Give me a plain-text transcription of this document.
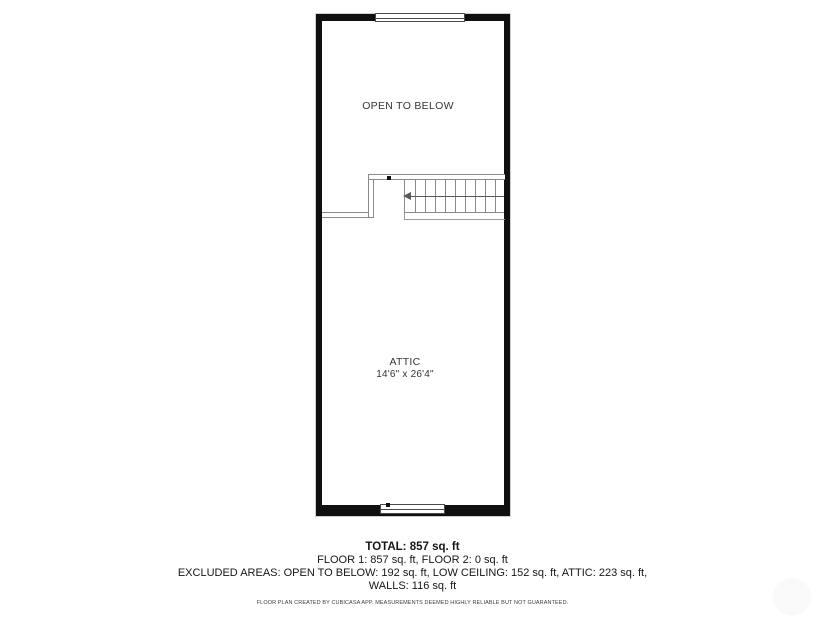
OPEN TO BELOW
ATTIC
14'6" x 26'4"
TOTAL: 857 sq. ft
FLOOR 1: 857 sq. ft, FLOOR 2: 0 sq. ft
EXCLUDED AREAS: OPEN TO BELOW: 192 sq. ft, LOW CEILING: 152 sq. ft, ATTIC: 223 sq. ft,
WALLS: 116 sq. ft
FLOOR PLAN CREATED BY CUBICASA APP. MEASUREMENTS DEEMED HIGHLY RELIABLE BUT NOT GUARANTEED.
